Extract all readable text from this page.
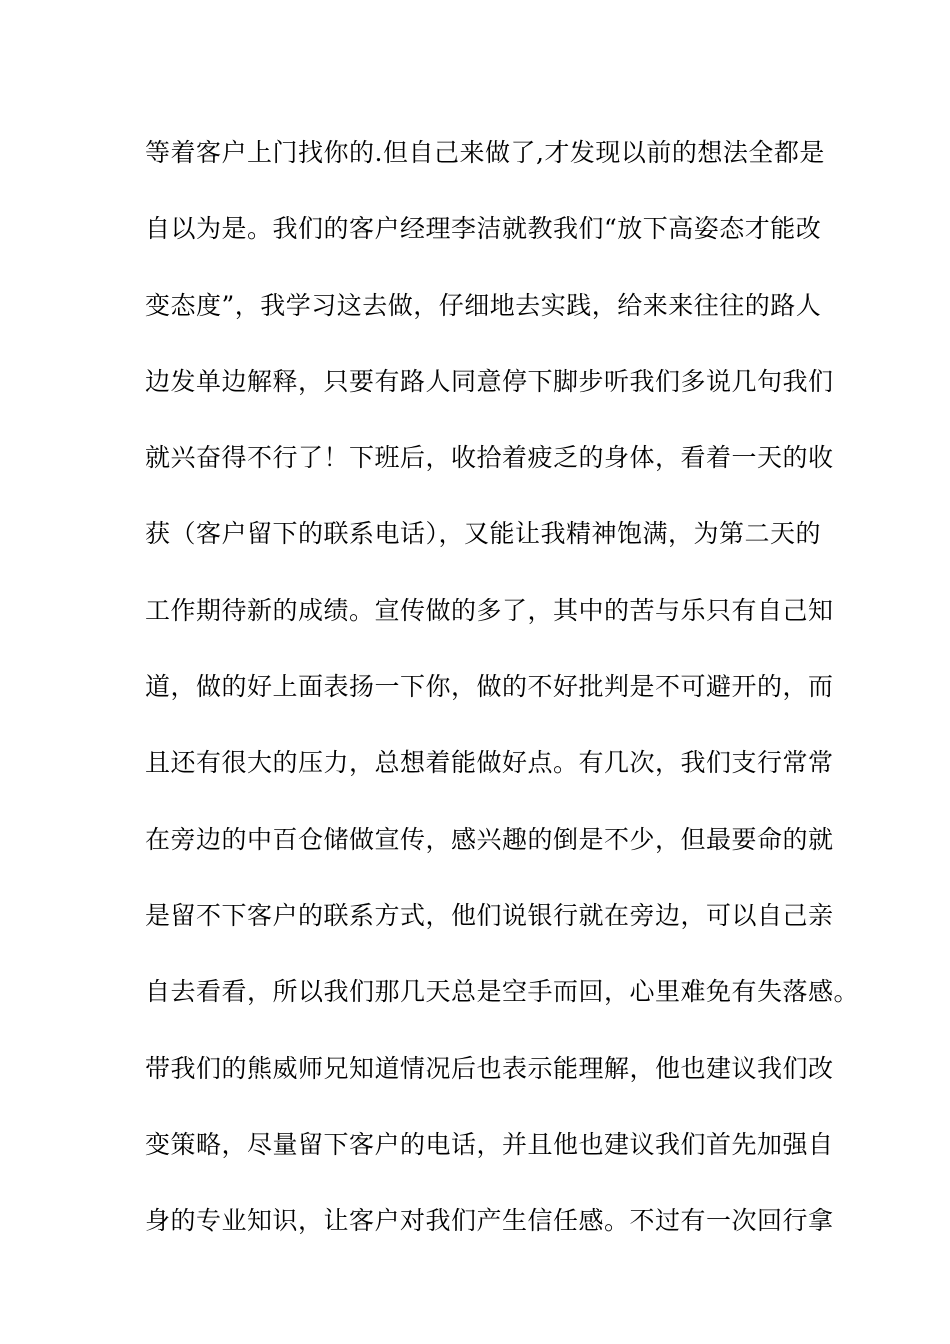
等着客户上门找你的.但自己来做了,才发现以前的想法全都是
自以为是。我们的客户经理李洁就教我们“放下高姿态才能改
变态度”，我学习这去做，仔细地去实践，给来来往往的路人
边发单边解释，只要有路人同意停下脚步听我们多说几句我们
就兴奋得不行了！下班后，收拾着疲乏的身体，看着一天的收
获（客户留下的联系电话），又能让我精神饱满，为第二天的
工作期待新的成绩。宣传做的多了，其中的苦与乐只有自己知
道，做的好上面表扬一下你，做的不好批判是不可避开的，而
且还有很大的压力，总想着能做好点。有几次，我们支行常常
在旁边的中百仓储做宣传，感兴趣的倒是不少，但最要命的就
是留不下客户的联系方式，他们说银行就在旁边，可以自己亲
自去看看，所以我们那几天总是空手而回，心里难免有失落感。
带我们的熊威师兄知道情况后也表示能理解，他也建议我们改
变策略，尽量留下客户的电话，并且他也建议我们首先加强自
身的专业知识，让客户对我们产生信任感。不过有一次回行拿
